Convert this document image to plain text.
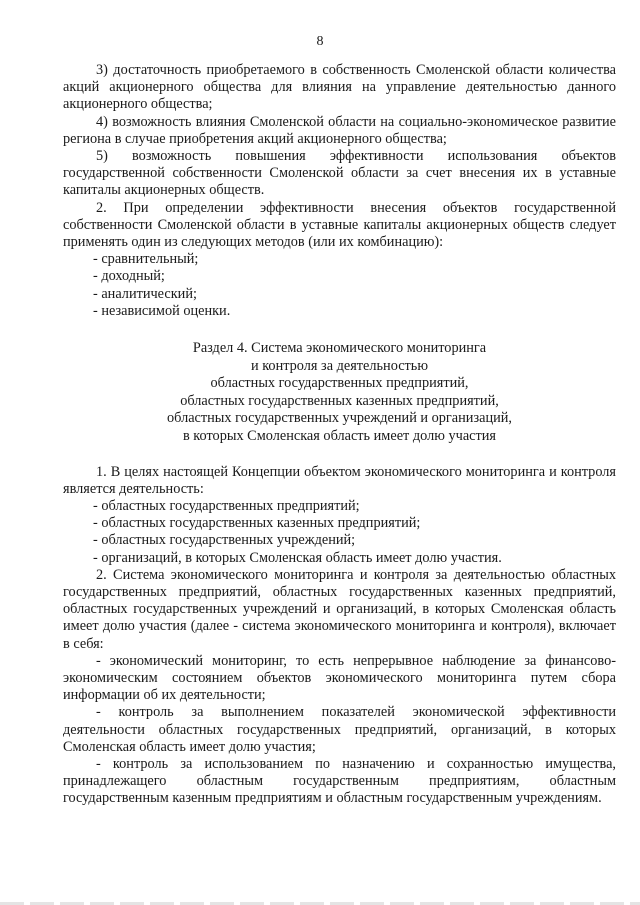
8

3) достаточность приобретаемого в собственность Смоленской области количества акций акционерного общества для влияния на управление деятельностью данного акционерного общества;

4) возможность влияния Смоленской области на социально-экономическое развитие региона в случае приобретения акций акционерного общества;

5) возможность повышения эффективности использования объектов государственной собственности Смоленской области за счет внесения их в уставные капиталы акционерных обществ.

2. При определении эффективности внесения объектов государственной собственности Смоленской области в уставные капиталы акционерных обществ следует применять один из следующих методов (или их комбинацию):

- сравнительный;

- доходный;

- аналитический;

- независимой оценки.

Раздел 4. Система экономического мониторинга
и контроля за деятельностью
областных государственных предприятий,
областных государственных казенных предприятий,
областных государственных учреждений и организаций,
в которых Смоленская область имеет долю участия

1. В целях настоящей Концепции объектом экономического мониторинга и контроля является деятельность:

- областных государственных предприятий;

- областных государственных казенных предприятий;

- областных государственных учреждений;

- организаций, в которых Смоленская область имеет долю участия.

2. Система экономического мониторинга и контроля за деятельностью областных государственных предприятий, областных государственных казенных предприятий, областных государственных учреждений и организаций, в которых Смоленская область имеет долю участия (далее - система экономического мониторинга и контроля), включает в себя:

- экономический мониторинг, то есть непрерывное наблюдение за финансово-экономическим состоянием объектов экономического мониторинга путем сбора информации об их деятельности;

- контроль за выполнением показателей экономической эффективности деятельности областных государственных предприятий, организаций, в которых Смоленская область имеет долю участия;

- контроль за использованием по назначению и сохранностью имущества, принадлежащего областным государственным предприятиям, областным государственным казенным предприятиям и областным государственным учреждениям.
